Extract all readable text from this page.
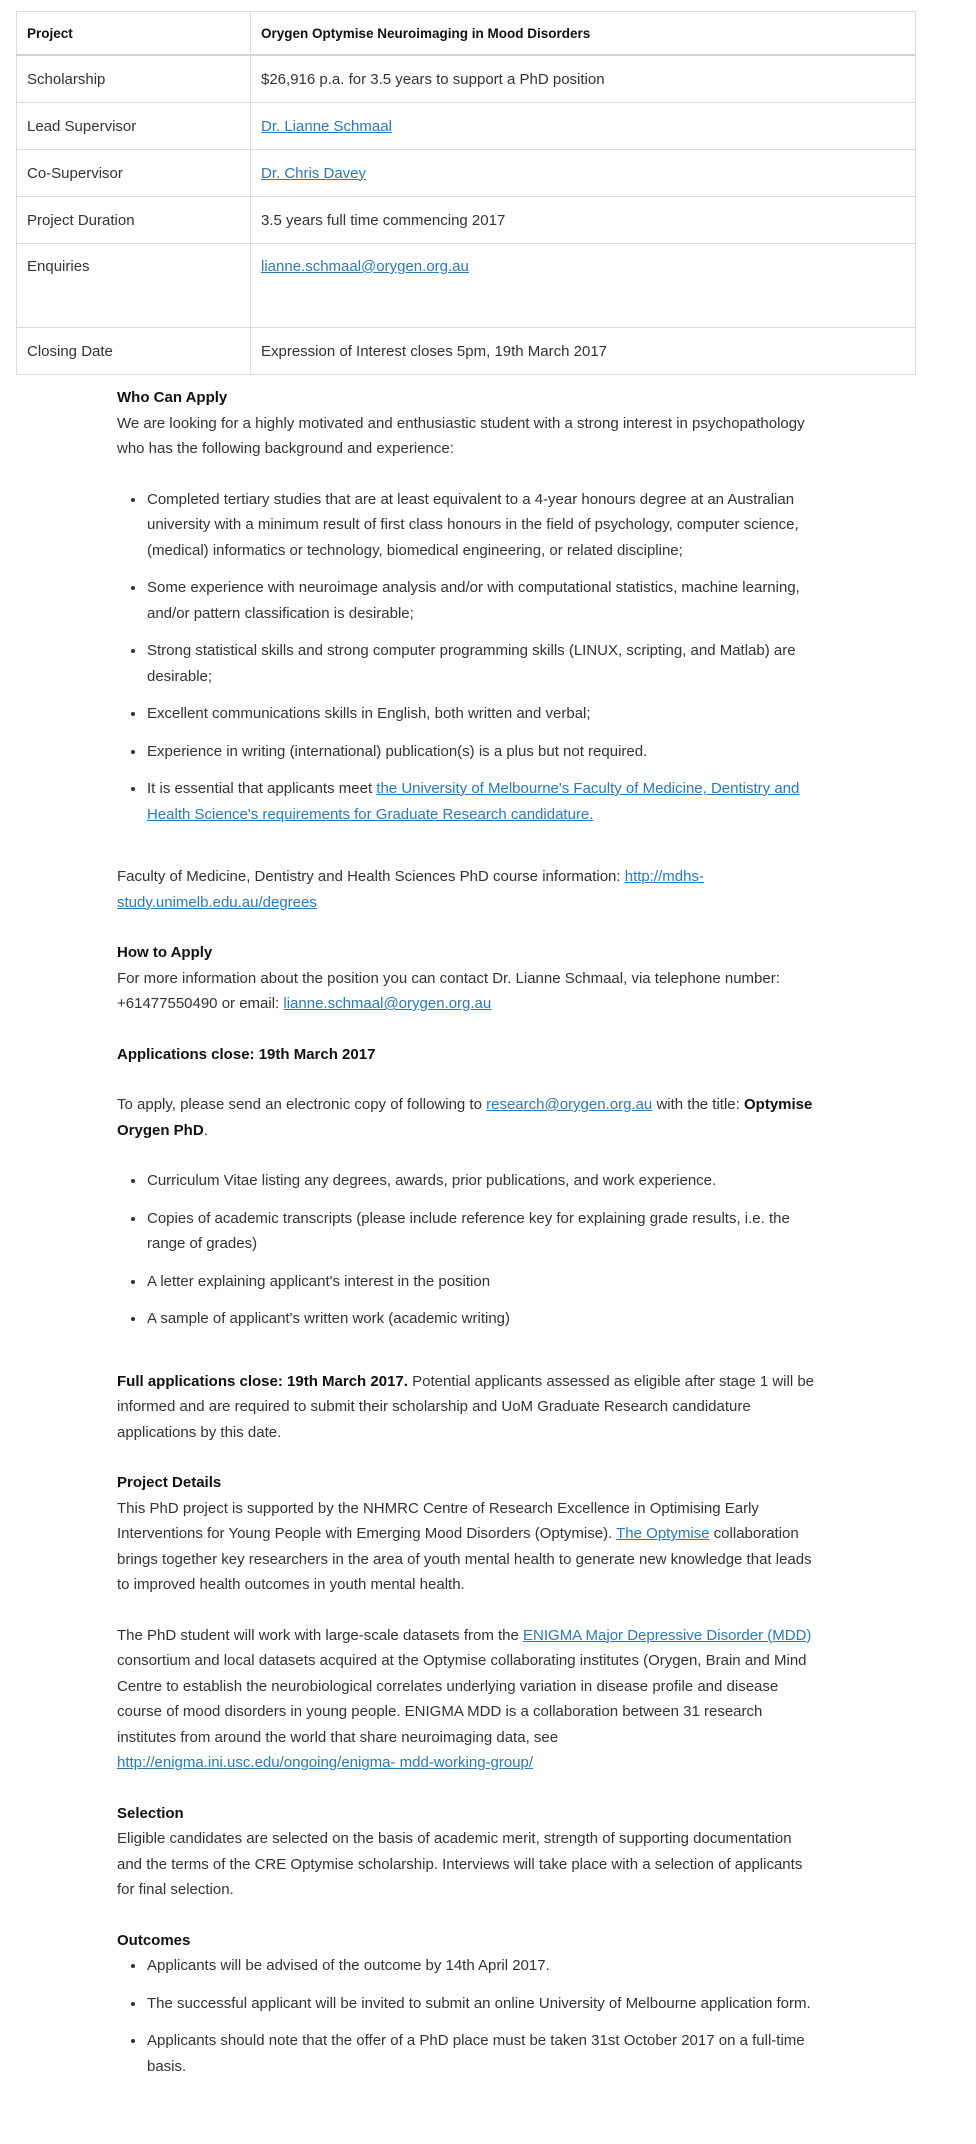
Project	Orygen Optymise Neuroimaging in Mood Disorders
Scholarship	$26,916 p.a. for 3.5 years to support a PhD position
Lead Supervisor	Dr. Lianne Schmaal
Co-Supervisor	Dr. Chris Davey
Project Duration	3.5 years full time commencing 2017
Enquiries	lianne.schmaal@orygen.org.au
Closing Date	Expression of Interest closes 5pm, 19th March 2017
Who Can Apply

We are looking for a highly motivated and enthusiastic student with a strong interest in psychopathology who has the following background and experience:

• Completed tertiary studies that are at least equivalent to a 4-year honours degree at an Australian university with a minimum result of first class honours in the field of psychology, computer science, (medical) informatics or technology, biomedical engineering, or related discipline;
• Some experience with neuroimage analysis and/or with computational statistics, machine learning, and/or pattern classification is desirable;
• Strong statistical skills and strong computer programming skills (LINUX, scripting, and Matlab) are desirable;
• Excellent communications skills in English, both written and verbal;
• Experience in writing (international) publication(s) is a plus but not required.
• It is essential that applicants meet the University of Melbourne's Faculty of Medicine, Dentistry and Health Science's requirements for Graduate Research candidature.

Faculty of Medicine, Dentistry and Health Sciences PhD course information: http://mdhs-study.unimelb.edu.au/degrees

How to Apply

For more information about the position you can contact Dr. Lianne Schmaal, via telephone number: +61477550490 or email: lianne.schmaal@orygen.org.au

Applications close: 19th March 2017

To apply, please send an electronic copy of following to research@orygen.org.au with the title: Optymise Orygen PhD.

• Curriculum Vitae listing any degrees, awards, prior publications, and work experience.
• Copies of academic transcripts (please include reference key for explaining grade results, i.e. the range of grades)
• A letter explaining applicant's interest in the position
• A sample of applicant's written work (academic writing)

Full applications close: 19th March 2017. Potential applicants assessed as eligible after stage 1 will be informed and are required to submit their scholarship and UoM Graduate Research candidature applications by this date.

Project Details

This PhD project is supported by the NHMRC Centre of Research Excellence in Optimising Early Interventions for Young People with Emerging Mood Disorders (Optymise). The Optymise collaboration brings together key researchers in the area of youth mental health to generate new knowledge that leads to improved health outcomes in youth mental health.

The PhD student will work with large-scale datasets from the ENIGMA Major Depressive Disorder (MDD) consortium and local datasets acquired at the Optymise collaborating institutes (Orygen, Brain and Mind Centre to establish the neurobiological correlates underlying variation in disease profile and disease course of mood disorders in young people. ENIGMA MDD is a collaboration between 31 research institutes from around the world that share neuroimaging data, see http://enigma.ini.usc.edu/ongoing/enigma- mdd-working-group/

Selection

Eligible candidates are selected on the basis of academic merit, strength of supporting documentation and the terms of the CRE Optymise scholarship. Interviews will take place with a selection of applicants for final selection.

Outcomes
• Applicants will be advised of the outcome by 14th April 2017.
• The successful applicant will be invited to submit an online University of Melbourne application form.
• Applicants should note that the offer of a PhD place must be taken 31st October 2017 on a full-time basis.
